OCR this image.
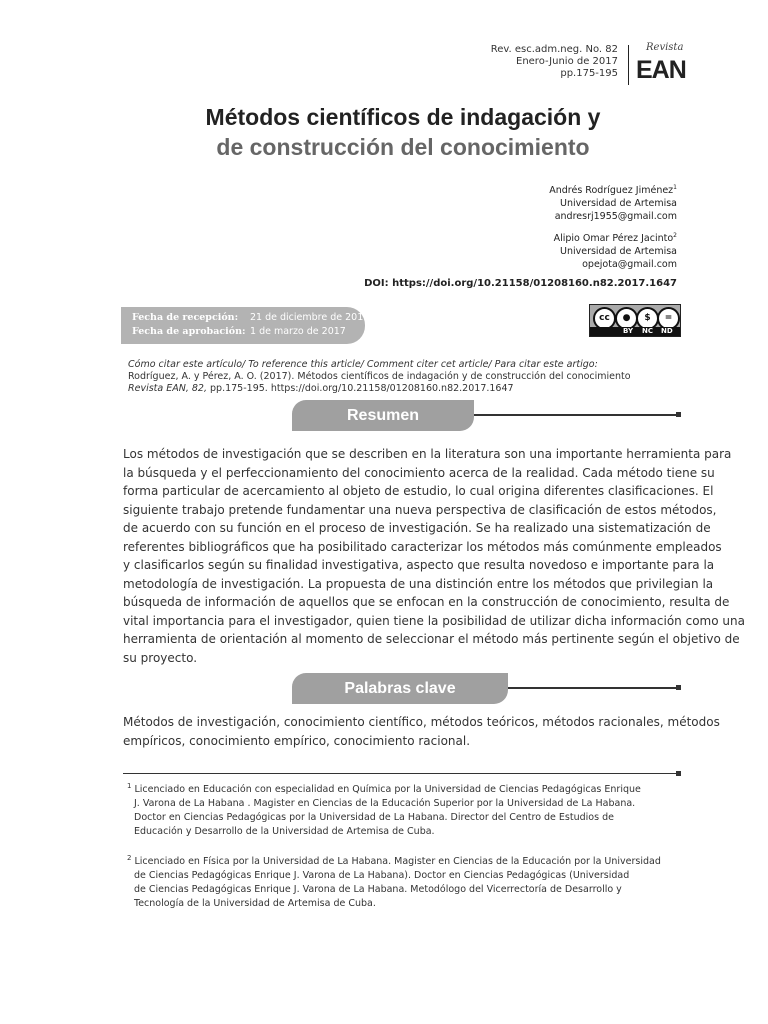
Rev. esc.adm.neg. No. 82
Enero-Junio de 2017
pp.175-195
Revista
EAN
Métodos científicos de indagación y
de construcción del conocimiento
Andrés Rodríguez Jiménez$^1$
Universidad de Artemisa
andresrj1955@gmail.com
Alipio Omar Pérez Jacinto$^2$
Universidad de Artemisa
opejota@gmail.com
DOI: https://doi.org/10.21158/01208160.n82.2017.1647
Fecha de recepción: 21 de diciembre de 2016
Fecha de aprobación: 1 de marzo de 2017
cc	●	$	=
BY NC ND
Cómo citar este artículo/ To reference this article/ Comment citer cet article/ Para citar este artigo:
Rodríguez, A. y Pérez, A. O. (2017). Métodos científicos de indagación y de construcción del conocimiento
Revista EAN, 82, pp.175-195. https://doi.org/10.21158/01208160.n82.2017.1647
Resumen
Los métodos de investigación que se describen en la literatura son una importante herramienta para
la búsqueda y el perfeccionamiento del conocimiento acerca de la realidad. Cada método tiene su
forma particular de acercamiento al objeto de estudio, lo cual origina diferentes clasificaciones. El
siguiente trabajo pretende fundamentar una nueva perspectiva de clasificación de estos métodos,
de acuerdo con su función en el proceso de investigación. Se ha realizado una sistematización de
referentes bibliográficos que ha posibilitado caracterizar los métodos más comúnmente empleados
y clasificarlos según su finalidad investigativa, aspecto que resulta novedoso e importante para la
metodología de investigación. La propuesta de una distinción entre los métodos que privilegian la
búsqueda de información de aquellos que se enfocan en la construcción de conocimiento, resulta de
vital importancia para el investigador, quien tiene la posibilidad de utilizar dicha información como una
herramienta de orientación al momento de seleccionar el método más pertinente según el objetivo de
su proyecto.
Palabras clave
Métodos de investigación, conocimiento científico, métodos teóricos, métodos racionales, métodos
empíricos, conocimiento empírico, conocimiento racional.
$^1$ Licenciado en Educación con especialidad en Química por la Universidad de Ciencias Pedagógicas Enrique
J. Varona de La Habana . Magister en Ciencias de la Educación Superior por la Universidad de La Habana.
Doctor en Ciencias Pedagógicas por la Universidad de La Habana. Director del Centro de Estudios de
Educación y Desarrollo de la Universidad de Artemisa de Cuba.
$^2$ Licenciado en Física por la Universidad de La Habana. Magister en Ciencias de la Educación por la Universidad
de Ciencias Pedagógicas Enrique J. Varona de La Habana). Doctor en Ciencias Pedagógicas (Universidad
de Ciencias Pedagógicas Enrique J. Varona de La Habana. Metodólogo del Vicerrectoría de Desarrollo y
Tecnología de la Universidad de Artemisa de Cuba.
